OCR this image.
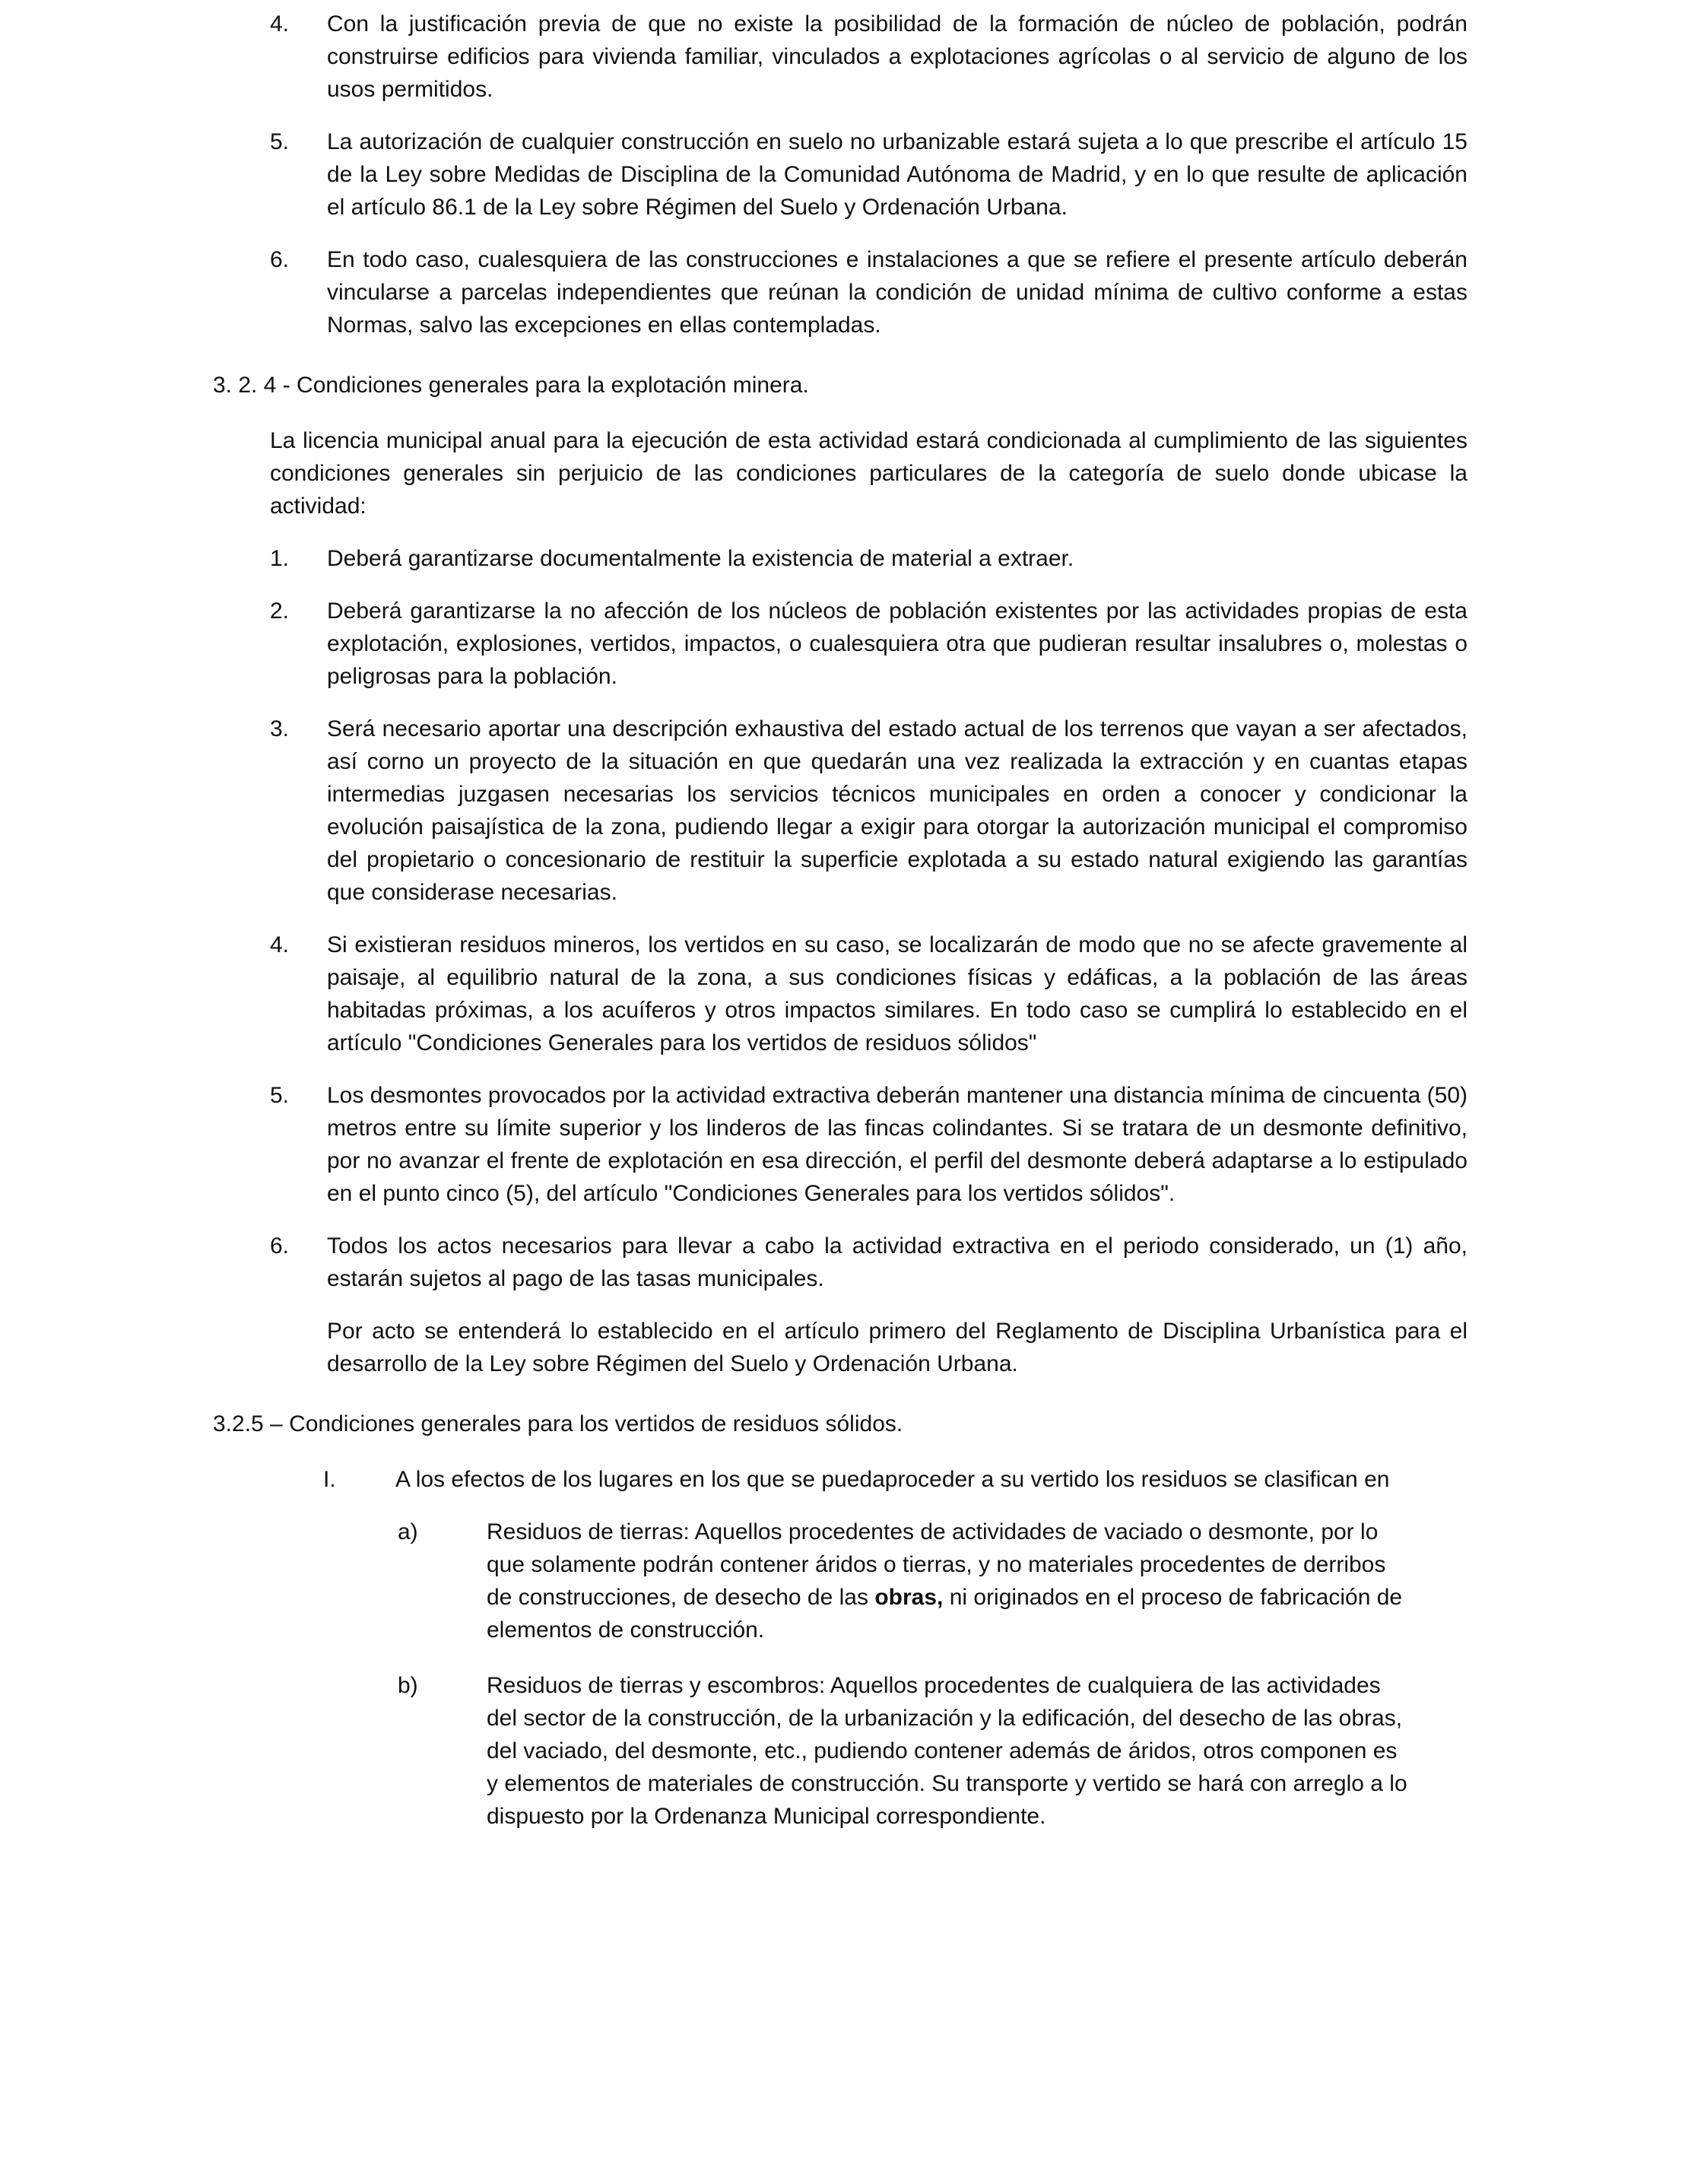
4.	Con la justificación previa de que no existe la posibilidad de la formación de núcleo de población, podrán construirse edificios para vivienda familiar, vinculados a explotaciones agrícolas o al servicio de alguno de los usos permitidos.
5.	La autorización de cualquier construcción en suelo no urbanizable estará sujeta a lo que prescribe el artículo 15 de la Ley sobre Medidas de Disciplina de la Comunidad Autónoma de Madrid, y en lo que resulte de aplicación el artículo 86.1 de la Ley sobre Régimen del Suelo y Ordenación Urbana.
6.	En todo caso, cualesquiera de las construcciones e instalaciones a que se refiere el presente artículo deberán vincularse a parcelas independientes que reúnan la condición de unidad mínima de cultivo conforme a estas Normas, salvo las excepciones en ellas contempladas.
3. 2. 4 - Condiciones generales para la explotación minera.
La licencia municipal anual para la ejecución de esta actividad estará condicionada al cumplimiento de las siguientes condiciones generales sin perjuicio de las condiciones particulares de la categoría de suelo donde ubicase la actividad:
1.	Deberá garantizarse documentalmente la existencia de material a extraer.
2.	Deberá garantizarse la no afección de los núcleos de población existentes por las actividades propias de esta explotación, explosiones, vertidos, impactos, o cualesquiera otra que pudieran resultar insalubres o, molestas o peligrosas para la población.
3.	Será necesario aportar una descripción exhaustiva del estado actual de los terrenos que vayan a ser afectados, así corno un proyecto de la situación en que quedarán una vez realizada la extracción y en cuantas etapas intermedias juzgasen necesarias los servicios técnicos municipales en orden a conocer y condicionar la evolución paisajística de la zona, pudiendo llegar a exigir para otorgar la autorización municipal el compromiso del propietario o concesionario de restituir la superficie explotada a su estado natural exigiendo las garantías que considerase necesarias.
4.	Si existieran residuos mineros, los vertidos en su caso, se localizarán de modo que no se afecte gravemente al paisaje, al equilibrio natural de la zona, a sus condiciones físicas y edáficas, a la población de las áreas habitadas próximas, a los acuíferos y otros impactos similares. En todo caso se cumplirá lo establecido en el artículo "Condiciones Generales para los vertidos de residuos sólidos"
5.	Los desmontes provocados por la actividad extractiva deberán mantener una distancia mínima de cincuenta (50) metros entre su límite superior y los linderos de las fincas colindantes. Si se tratara de un desmonte definitivo, por no avanzar el frente de explotación en esa dirección, el perfil del desmonte deberá adaptarse a lo estipulado en el punto cinco (5), del artículo "Condiciones Generales para los vertidos sólidos".
6.	Todos los actos necesarios para llevar a cabo la actividad extractiva en el periodo considerado, un (1) año, estarán sujetos al pago de las tasas municipales.
Por acto se entenderá lo establecido en el artículo primero del Reglamento de Disciplina Urbanística para el desarrollo de la Ley sobre Régimen del Suelo y Ordenación Urbana.
3.2.5 – Condiciones generales para los vertidos de residuos sólidos.
I.	A los efectos de los lugares en los que se puedaproceder a su vertido los residuos se clasifican en
a)	Residuos de tierras: Aquellos procedentes de actividades de vaciado o desmonte, por lo que solamente podrán contener áridos o tierras, y no materiales procedentes de derribos de construcciones, de desecho de las obras, ni originados en el proceso de fabricación de elementos de construcción.
b)	Residuos de tierras y escombros: Aquellos procedentes de cualquiera de las actividades del sector de la construcción, de la urbanización y la edificación, del desecho de las obras, del vaciado, del desmonte, etc., pudiendo contener además de áridos, otros componen es y elementos de materiales de construcción. Su transporte y vertido se hará con arreglo a lo dispuesto por la Ordenanza Municipal correspondiente.
